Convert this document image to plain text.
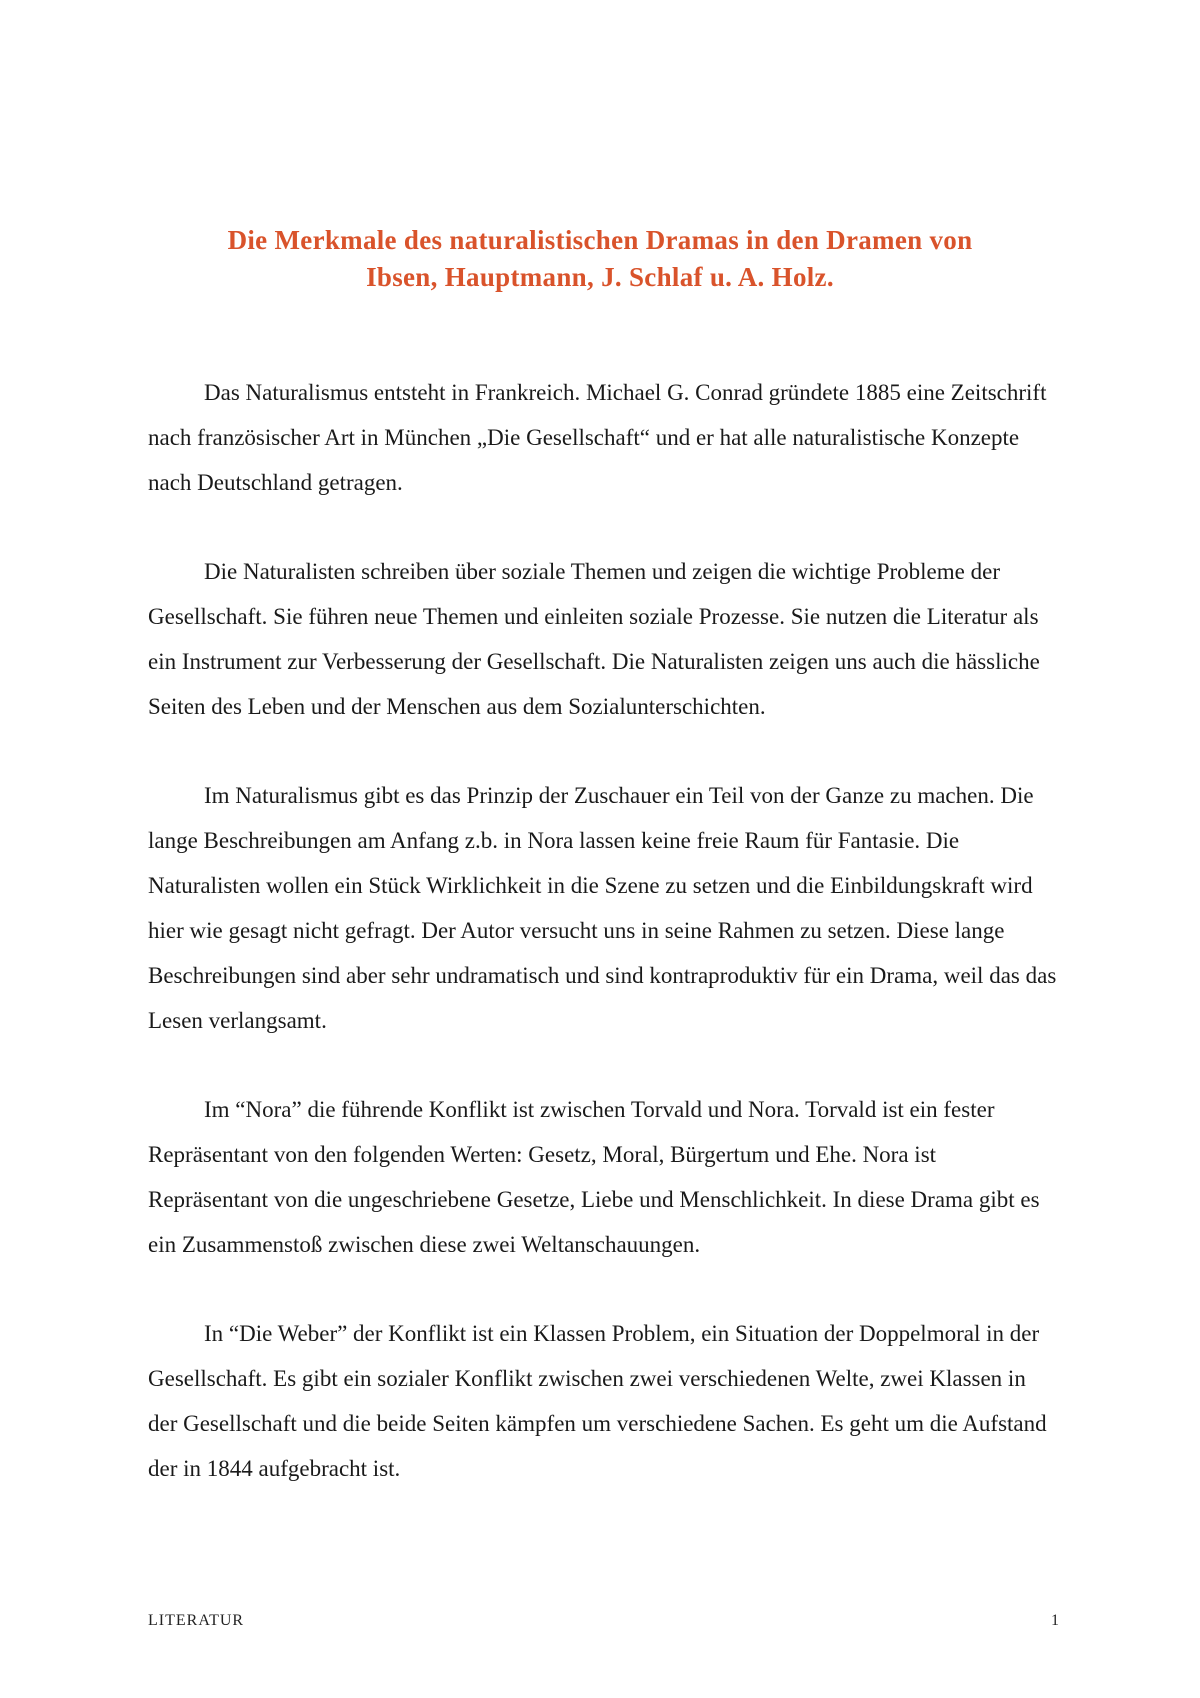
Die Merkmale des naturalistischen Dramas in den Dramen von
Ibsen, Hauptmann, J. Schlaf u. A. Holz.

Das Naturalismus entsteht in Frankreich. Michael G. Conrad gründete 1885 eine Zeitschrift nach französischer Art in München „Die Gesellschaft“ und er hat alle naturalistische Konzepte nach Deutschland getragen.

Die Naturalisten schreiben über soziale Themen und zeigen die wichtige Probleme der Gesellschaft. Sie führen neue Themen und einleiten soziale Prozesse. Sie nutzen die Literatur als ein Instrument zur Verbesserung der Gesellschaft. Die Naturalisten zeigen uns auch die hässliche Seiten des Leben und der Menschen aus dem Sozialunterschichten.

Im Naturalismus gibt es das Prinzip der Zuschauer ein Teil von der Ganze zu machen. Die lange Beschreibungen am Anfang z.b. in Nora lassen keine freie Raum für Fantasie. Die Naturalisten wollen ein Stück Wirklichkeit in die Szene zu setzen und die Einbildungskraft wird hier wie gesagt nicht gefragt. Der Autor versucht uns in seine Rahmen zu setzen. Diese lange Beschreibungen sind aber sehr undramatisch und sind kontraproduktiv für ein Drama, weil das das Lesen verlangsamt.

Im “Nora” die führende Konflikt ist zwischen Torvald und Nora. Torvald ist ein fester Repräsentant von den folgenden Werten: Gesetz, Moral, Bürgertum und Ehe. Nora ist Repräsentant von die ungeschriebene Gesetze, Liebe und Menschlichkeit. In diese Drama gibt es ein Zusammenstoß zwischen diese zwei Weltanschauungen.

In “Die Weber” der Konflikt ist ein Klassen Problem, ein Situation der Doppelmoral in der Gesellschaft. Es gibt ein sozialer Konflikt zwischen zwei verschiedenen Welte, zwei Klassen in der Gesellschaft und die beide Seiten kämpfen um verschiedene Sachen. Es geht um die Aufstand der in 1844 aufgebracht ist.

LITERATUR	1
